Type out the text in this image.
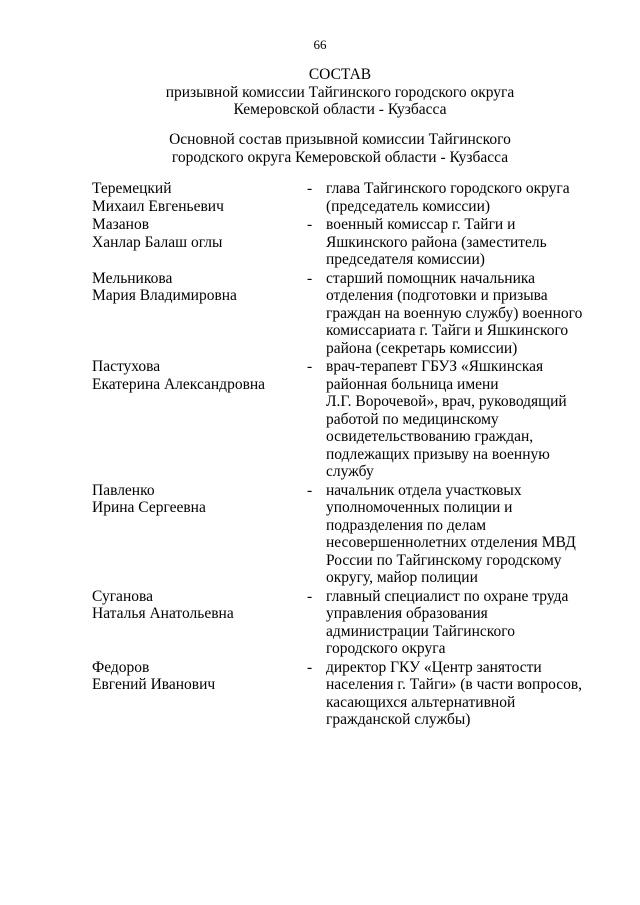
66
СОСТАВ
призывной комиссии Тайгинского городского округа
Кемеровской области - Кузбасса
Основной состав призывной комиссии Тайгинского
городского округа Кемеровской области - Кузбасса
Теремецкий
Михаил Евгеньевич
- глава Тайгинского городского округа
(председатель комиссии)
Мазанов
Ханлар Балаш оглы
- военный комиссар г. Тайги и
Яшкинского района (заместитель
председателя комиссии)
Мельникова
Мария Владимировна
- старший помощник начальника
отделения (подготовки и призыва
граждан на военную службу) военного
комиссариата г. Тайги и Яшкинского
района (секретарь комиссии)
Пастухова
Екатерина Александровна
- врач-терапевт ГБУЗ «Яшкинская
районная больница имени
Л.Г. Ворочевой», врач, руководящий
работой по медицинскому
освидетельствованию граждан,
подлежащих призыву на военную
службу
Павленко
Ирина Сергеевна
- начальник отдела участковых
уполномоченных полиции и
подразделения по делам
несовершеннолетних отделения МВД
России по Тайгинскому городскому
округу, майор полиции
Суганова
Наталья Анатольевна
- главный специалист по охране труда
управления образования
администрации Тайгинского
городского округа
Федоров
Евгений Иванович
- директор ГКУ «Центр занятости
населения г. Тайги» (в части вопросов,
касающихся альтернативной
гражданской службы)
